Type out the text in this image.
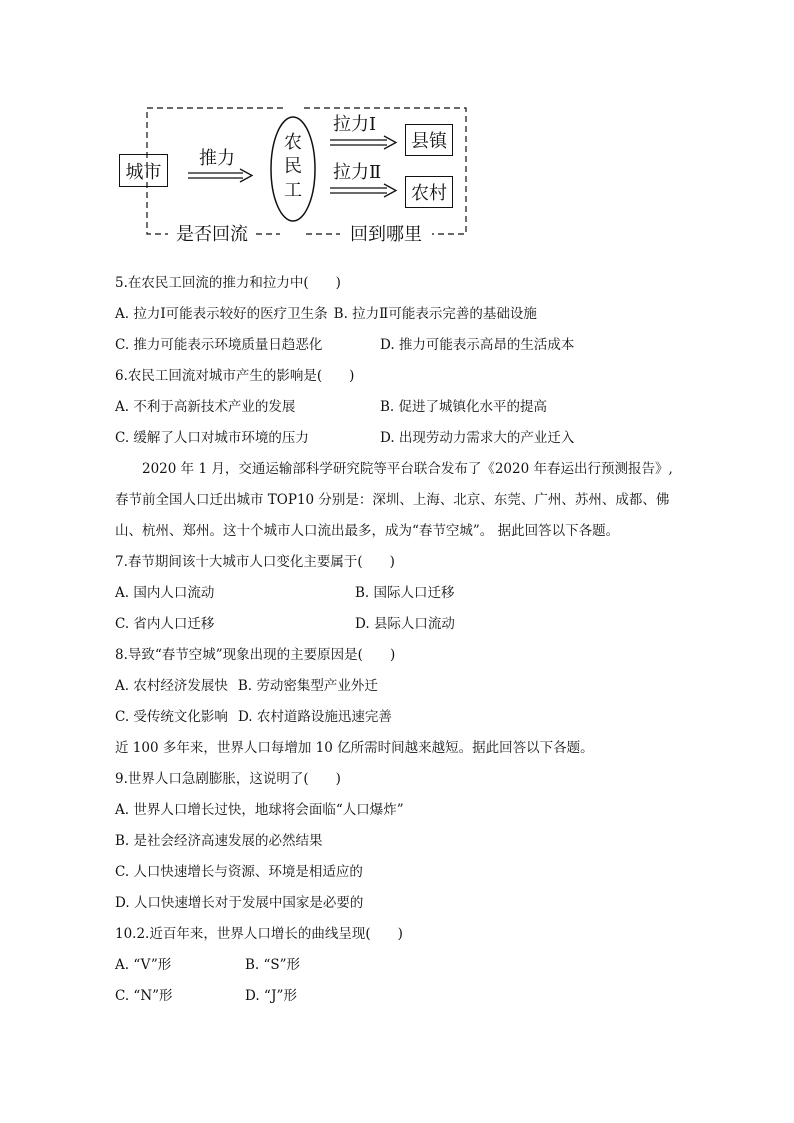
城市
推力
农
民
工
拉力Ⅰ
拉力Ⅱ
县镇
农村
是否回流	回到哪里
5.在农民工回流的推力和拉力中(　　)
A. 拉力Ⅰ可能表示较好的医疗卫生条 B. 拉力Ⅱ可能表示完善的基础设施
C. 推力可能表示环境质量日趋恶化	D. 推力可能表示高昂的生活成本
6.农民工回流对城市产生的影响是(　　)
A. 不利于高新技术产业的发展	B. 促进了城镇化水平的提高
C. 缓解了人口对城市环境的压力	D. 出现劳动力需求大的产业迁入
2020 年 1 月，交通运输部科学研究院等平台联合发布了《2020 年春运出行预测报告》,
春节前全国人口迁出城市 TOP10 分别是：深圳、上海、北京、东莞、广州、苏州、成都、佛
山、杭州、郑州。这十个城市人口流出最多，成为“春节空城”。 据此回答以下各题。
7.春节期间该十大城市人口变化主要属于(　　)
A. 国内人口流动	B. 国际人口迁移
C. 省内人口迁移	D. 县际人口流动
8.导致“春节空城”现象出现的主要原因是(　　)
A. 农村经济发展快 B. 劳动密集型产业外迁
C. 受传统文化影响 D. 农村道路设施迅速完善
近 100 多年来，世界人口每增加 10 亿所需时间越来越短。据此回答以下各题。
9.世界人口急剧膨胀，这说明了(　　)
A. 世界人口增长过快，地球将会面临“人口爆炸”
B. 是社会经济高速发展的必然结果
C. 人口快速增长与资源、环境是相适应的
D. 人口快速增长对于发展中国家是必要的
10.2.近百年来，世界人口增长的曲线呈现(　　)
A. “V”形	B. “S”形
C. “N”形	D. “J”形
